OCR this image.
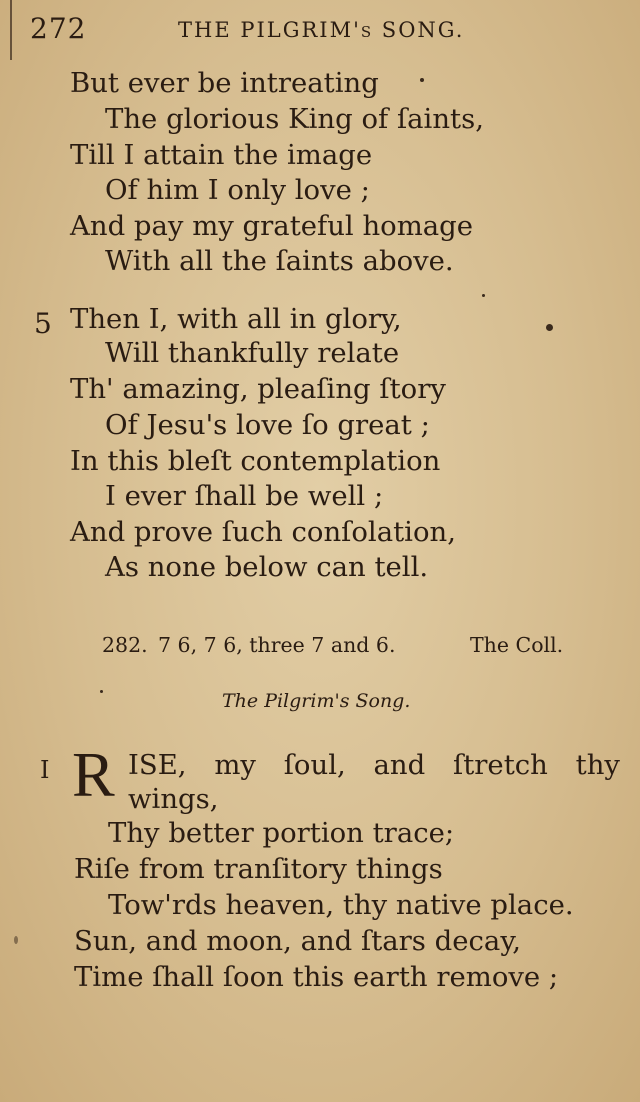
272	THE PILGRIM's SONG.
But ever be intreating
The glorious King of ſaints,
Till I attain the image
Of him I only love ;
And pay my grateful homage
With all the ſaints above.
5 Then I, with all in glory,
Will thankfully relate
Th' amazing, pleaſing ſtory
Of Jesu's love ſo great ;
In this bleſt contemplation
I ever ſhall be well ;
And prove ſuch conſolation,
As none below can tell.
282. 7 6, 7 6, three 7 and 6.	The Coll.
The Pilgrim's Song.
I R ISE, my ſoul, and ſtretch thy
wings,
Thy better portion trace;
Riſe from tranſitory things
Tow'rds heaven, thy native place.
Sun, and moon, and ſtars decay,
Time ſhall ſoon this earth remove ;
